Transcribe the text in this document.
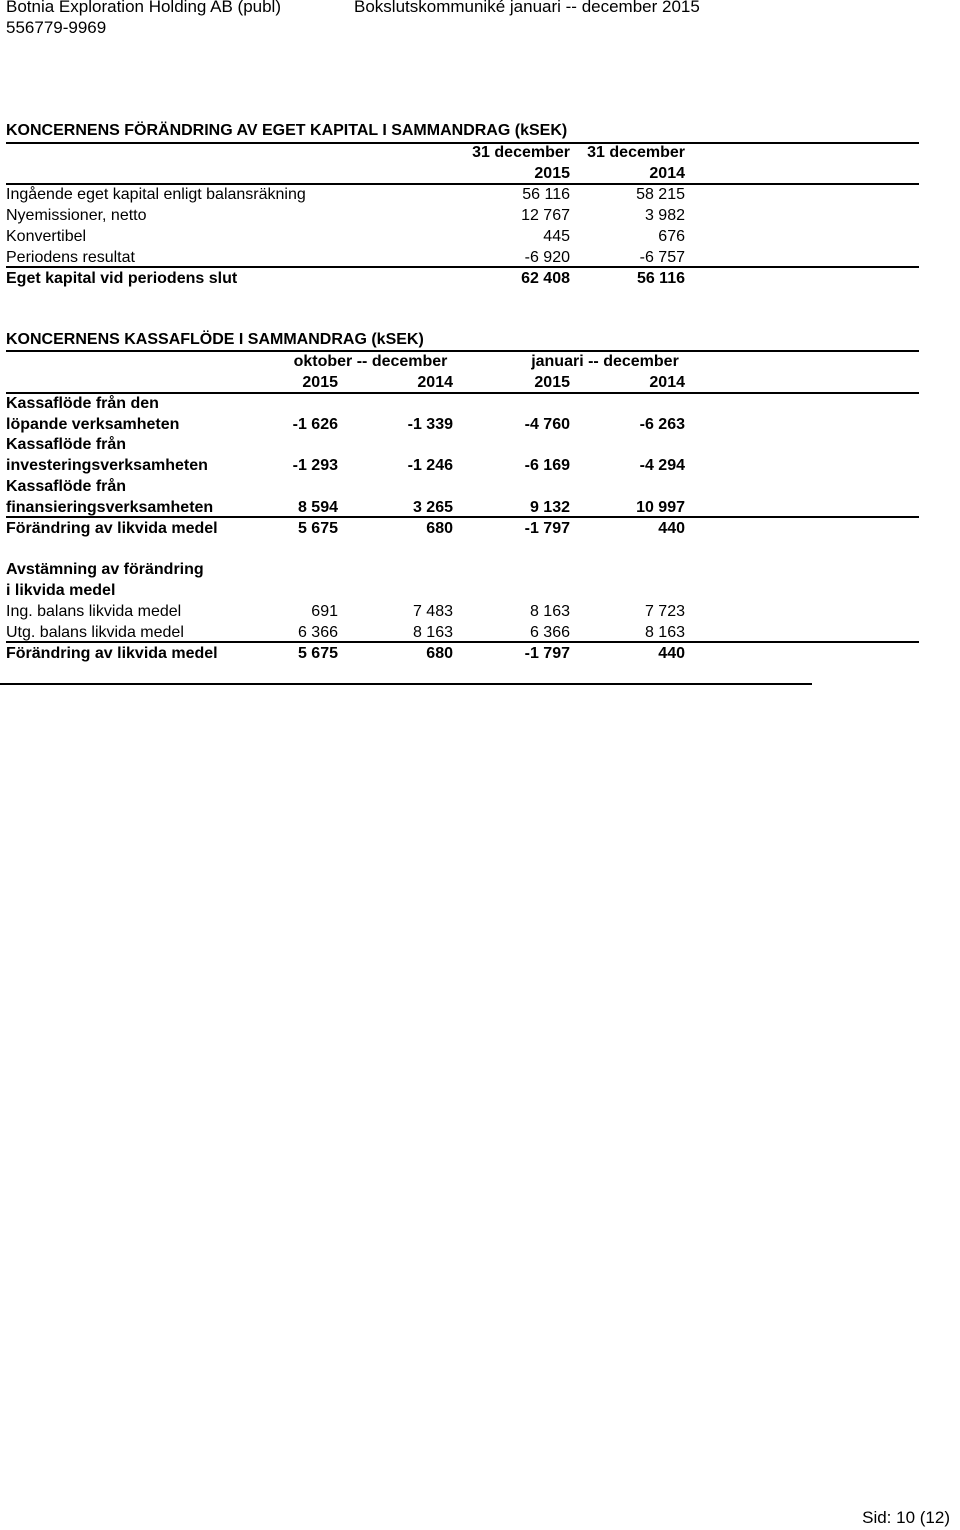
Botnia Exploration Holding AB (publ)	Bokslutskommuniké januari -- december 2015
556779-9969
KONCERNENS FÖRÄNDRING AV EGET KAPITAL I SAMMANDRAG (kSEK)
31 december 31 december
2015	2014
Ingående eget kapital enligt balansräkning	56 116	58 215
Nyemissioner, netto	12 767	3 982
Konvertibel	445	676
Periodens resultat	-6 920	-6 757
Eget kapital vid periodens slut	62 408	56 116
KONCERNENS KASSAFLÖDE I SAMMANDRAG (kSEK)
oktober -- december	januari -- december
2015	2014	2015	2014
Kassaflöde från den
löpande verksamheten	-1 626	-1 339	-4 760	-6 263
Kassaflöde från
investeringsverksamheten	-1 293	-1 246	-6 169	-4 294
Kassaflöde från
finansieringsverksamheten	8 594	3 265	9 132	10 997
Förändring av likvida medel	5 675	680	-1 797	440
Avstämning av förändring
i likvida medel
Ing. balans likvida medel	691	7 483	8 163	7 723
Utg. balans likvida medel	6 366	8 163	6 366	8 163
Förändring av likvida medel	5 675	680	-1 797	440
Sid: 10 (12)
